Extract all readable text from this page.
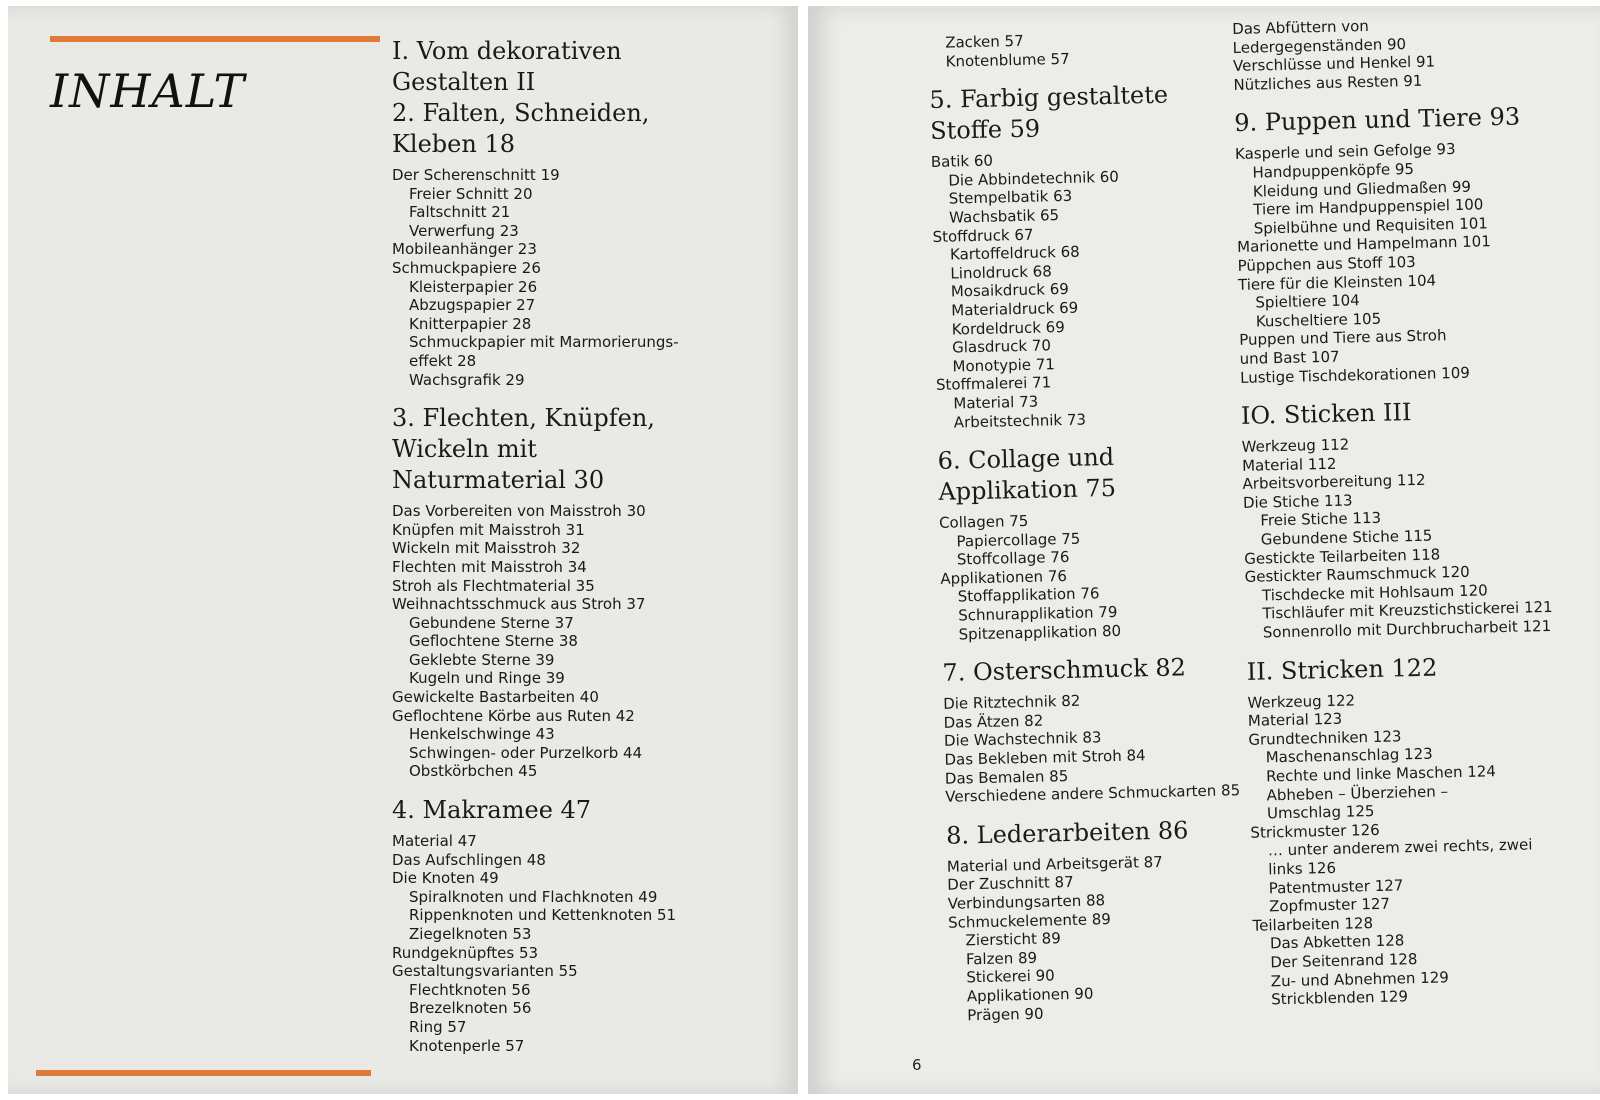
INHALT
I. Vom dekorativen
Gestalten II
2. Falten, Schneiden,
Kleben 18
Der Scherenschnitt 19
Freier Schnitt 20
Faltschnitt 21
Verwerfung 23
Mobileanhänger 23
Schmuckpapiere 26
Kleisterpapier 26
Abzugspapier 27
Knitterpapier 28
Schmuckpapier mit Marmorierungs-
effekt 28
Wachsgrafik 29
3. Flechten, Knüpfen,
Wickeln mit
Naturmaterial 30
Das Vorbereiten von Maisstroh 30
Knüpfen mit Maisstroh 31
Wickeln mit Maisstroh 32
Flechten mit Maisstroh 34
Stroh als Flechtmaterial 35
Weihnachtsschmuck aus Stroh 37
Gebundene Sterne 37
Geflochtene Sterne 38
Geklebte Sterne 39
Kugeln und Ringe 39
Gewickelte Bastarbeiten 40
Geflochtene Körbe aus Ruten 42
Henkelschwinge 43
Schwingen- oder Purzelkorb 44
Obstkörbchen 45
4. Makramee 47
Material 47
Das Aufschlingen 48
Die Knoten 49
Spiralknoten und Flachknoten 49
Rippenknoten und Kettenknoten 51
Ziegelknoten 53
Rundgeknüpftes 53
Gestaltungsvarianten 55
Flechtknoten 56
Brezelknoten 56
Ring 57
Knotenperle 57
Zacken 57
Knotenblume 57
5. Farbig gestaltete
Stoffe 59
Batik 60
Die Abbindetechnik 60
Stempelbatik 63
Wachsbatik 65
Stoffdruck 67
Kartoffeldruck 68
Linoldruck 68
Mosaikdruck 69
Materialdruck 69
Kordeldruck 69
Glasdruck 70
Monotypie 71
Stoffmalerei 71
Material 73
Arbeitstechnik 73
6. Collage und
Applikation 75
Collagen 75
Papiercollage 75
Stoffcollage 76
Applikationen 76
Stoffapplikation 76
Schnurapplikation 79
Spitzenapplikation 80
7. Osterschmuck 82
Die Ritztechnik 82
Das Ätzen 82
Die Wachstechnik 83
Das Bekleben mit Stroh 84
Das Bemalen 85
Verschiedene andere Schmuckarten 85
8. Lederarbeiten 86
Material und Arbeitsgerät 87
Der Zuschnitt 87
Verbindungsarten 88
Schmuckelemente 89
Ziersticht 89
Falzen 89
Stickerei 90
Applikationen 90
Prägen 90
Das Abfüttern von
Ledergegenständen 90
Verschlüsse und Henkel 91
Nützliches aus Resten 91
9. Puppen und Tiere 93
Kasperle und sein Gefolge 93
Handpuppenköpfe 95
Kleidung und Gliedmaßen 99
Tiere im Handpuppenspiel 100
Spielbühne und Requisiten 101
Marionette und Hampelmann 101
Püppchen aus Stoff 103
Tiere für die Kleinsten 104
Spieltiere 104
Kuscheltiere 105
Puppen und Tiere aus Stroh
und Bast 107
Lustige Tischdekorationen 109
IO. Sticken III
Werkzeug 112
Material 112
Arbeitsvorbereitung 112
Die Stiche 113
Freie Stiche 113
Gebundene Stiche 115
Gestickte Teilarbeiten 118
Gestickter Raumschmuck 120
Tischdecke mit Hohlsaum 120
Tischläufer mit Kreuzstichstickerei 121
Sonnenrollo mit Durchbrucharbeit 121
II. Stricken 122
Werkzeug 122
Material 123
Grundtechniken 123
Maschenanschlag 123
Rechte und linke Maschen 124
Abheben – Überziehen –
Umschlag 125
Strickmuster 126
… unter anderem zwei rechts, zwei
links 126
Patentmuster 127
Zopfmuster 127
Teilarbeiten 128
Das Abketten 128
Der Seitenrand 128
Zu- und Abnehmen 129
Strickblenden 129
6
